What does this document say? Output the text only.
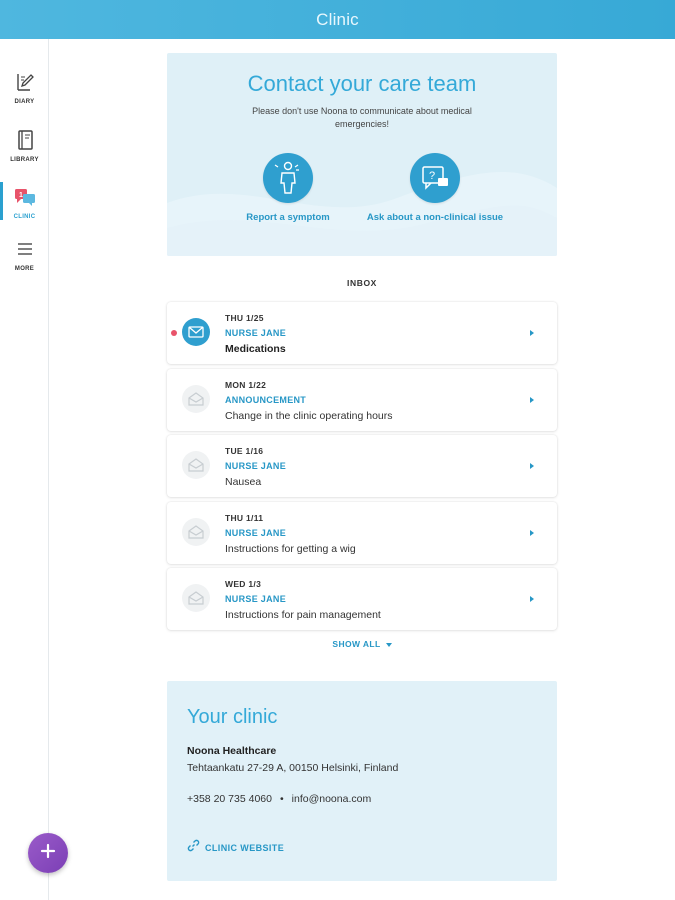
Clinic
DIARY
LIBRARY
1
CLINIC
MORE
Contact your care team
Please don't use Noona to communicate about medical emergencies!
Report a symptom
?
Ask about a non-clinical issue
INBOX
THU 1/25
NURSE JANE
Medications
MON 1/22
ANNOUNCEMENT
Change in the clinic operating hours
TUE 1/16
NURSE JANE
Nausea
THU 1/11
NURSE JANE
Instructions for getting a wig
WED 1/3
NURSE JANE
Instructions for pain management
SHOW ALL
Your clinic
Noona Healthcare
Tehtaankatu 27-29 A, 00150 Helsinki, Finland
+358 20 735 4060 • info@noona.com
CLINIC WEBSITE
